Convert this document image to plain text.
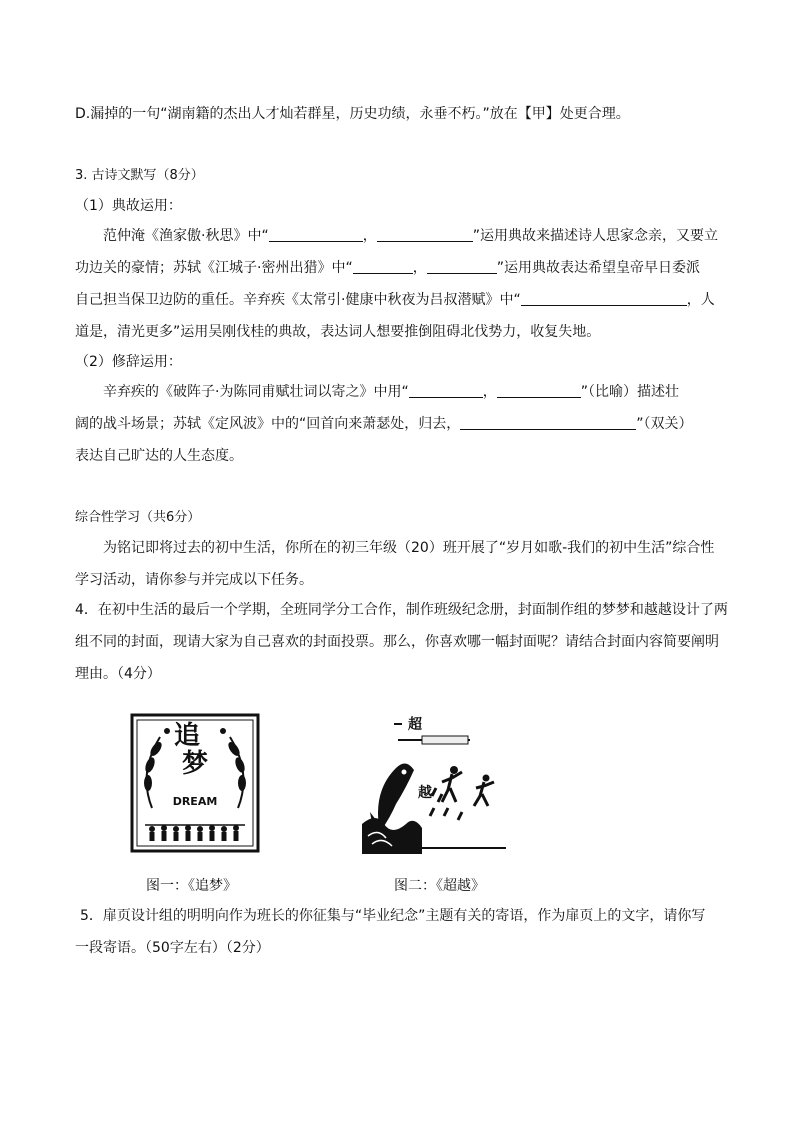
D.漏掉的一句“湖南籍的杰出人才灿若群星，历史功绩，永垂不朽。”放在【甲】处更合理。
3. 古诗文默写（8分）
（1）典故运用：
范仲淹《渔家傲·秋思》中“	，	”运用典故来描述诗人思家念亲，又要立
功边关的豪情；苏轼《江城子·密州出猎》中“	，	”运用典故表达希望皇帝早日委派
自己担当保卫边防的重任。辛弃疾《太常引·健康中秋夜为吕叔潜赋》中“	，人
道是，清光更多”运用吴刚伐桂的典故，表达词人想要推倒阻碍北伐势力，收复失地。
（2）修辞运用：
辛弃疾的《破阵子·为陈同甫赋壮词以寄之》中用“	，	”（比喻）描述壮
阔的战斗场景；苏轼《定风波》中的“回首向来萧瑟处，归去，	”（双关）
表达自己旷达的人生态度。
综合性学习（共6分）
为铭记即将过去的初中生活，你所在的初三年级（20）班开展了“岁月如歌-我们的初中生活”综合性
学习活动，请你参与并完成以下任务。
4．在初中生活的最后一个学期，全班同学分工合作，制作班级纪念册，封面制作组的梦梦和越越设计了两
组不同的封面，现请大家为自己喜欢的封面投票。那么，你喜欢哪一幅封面呢？请结合封面内容简要阐明
理由。（4分）
追
梦
DREAM
超
越
图一：《追梦》	图二：《超越》
5．扉页设计组的明明向作为班长的你征集与“毕业纪念”主题有关的寄语，作为扉页上的文字，请你写
一段寄语。（50字左右）（2分）
